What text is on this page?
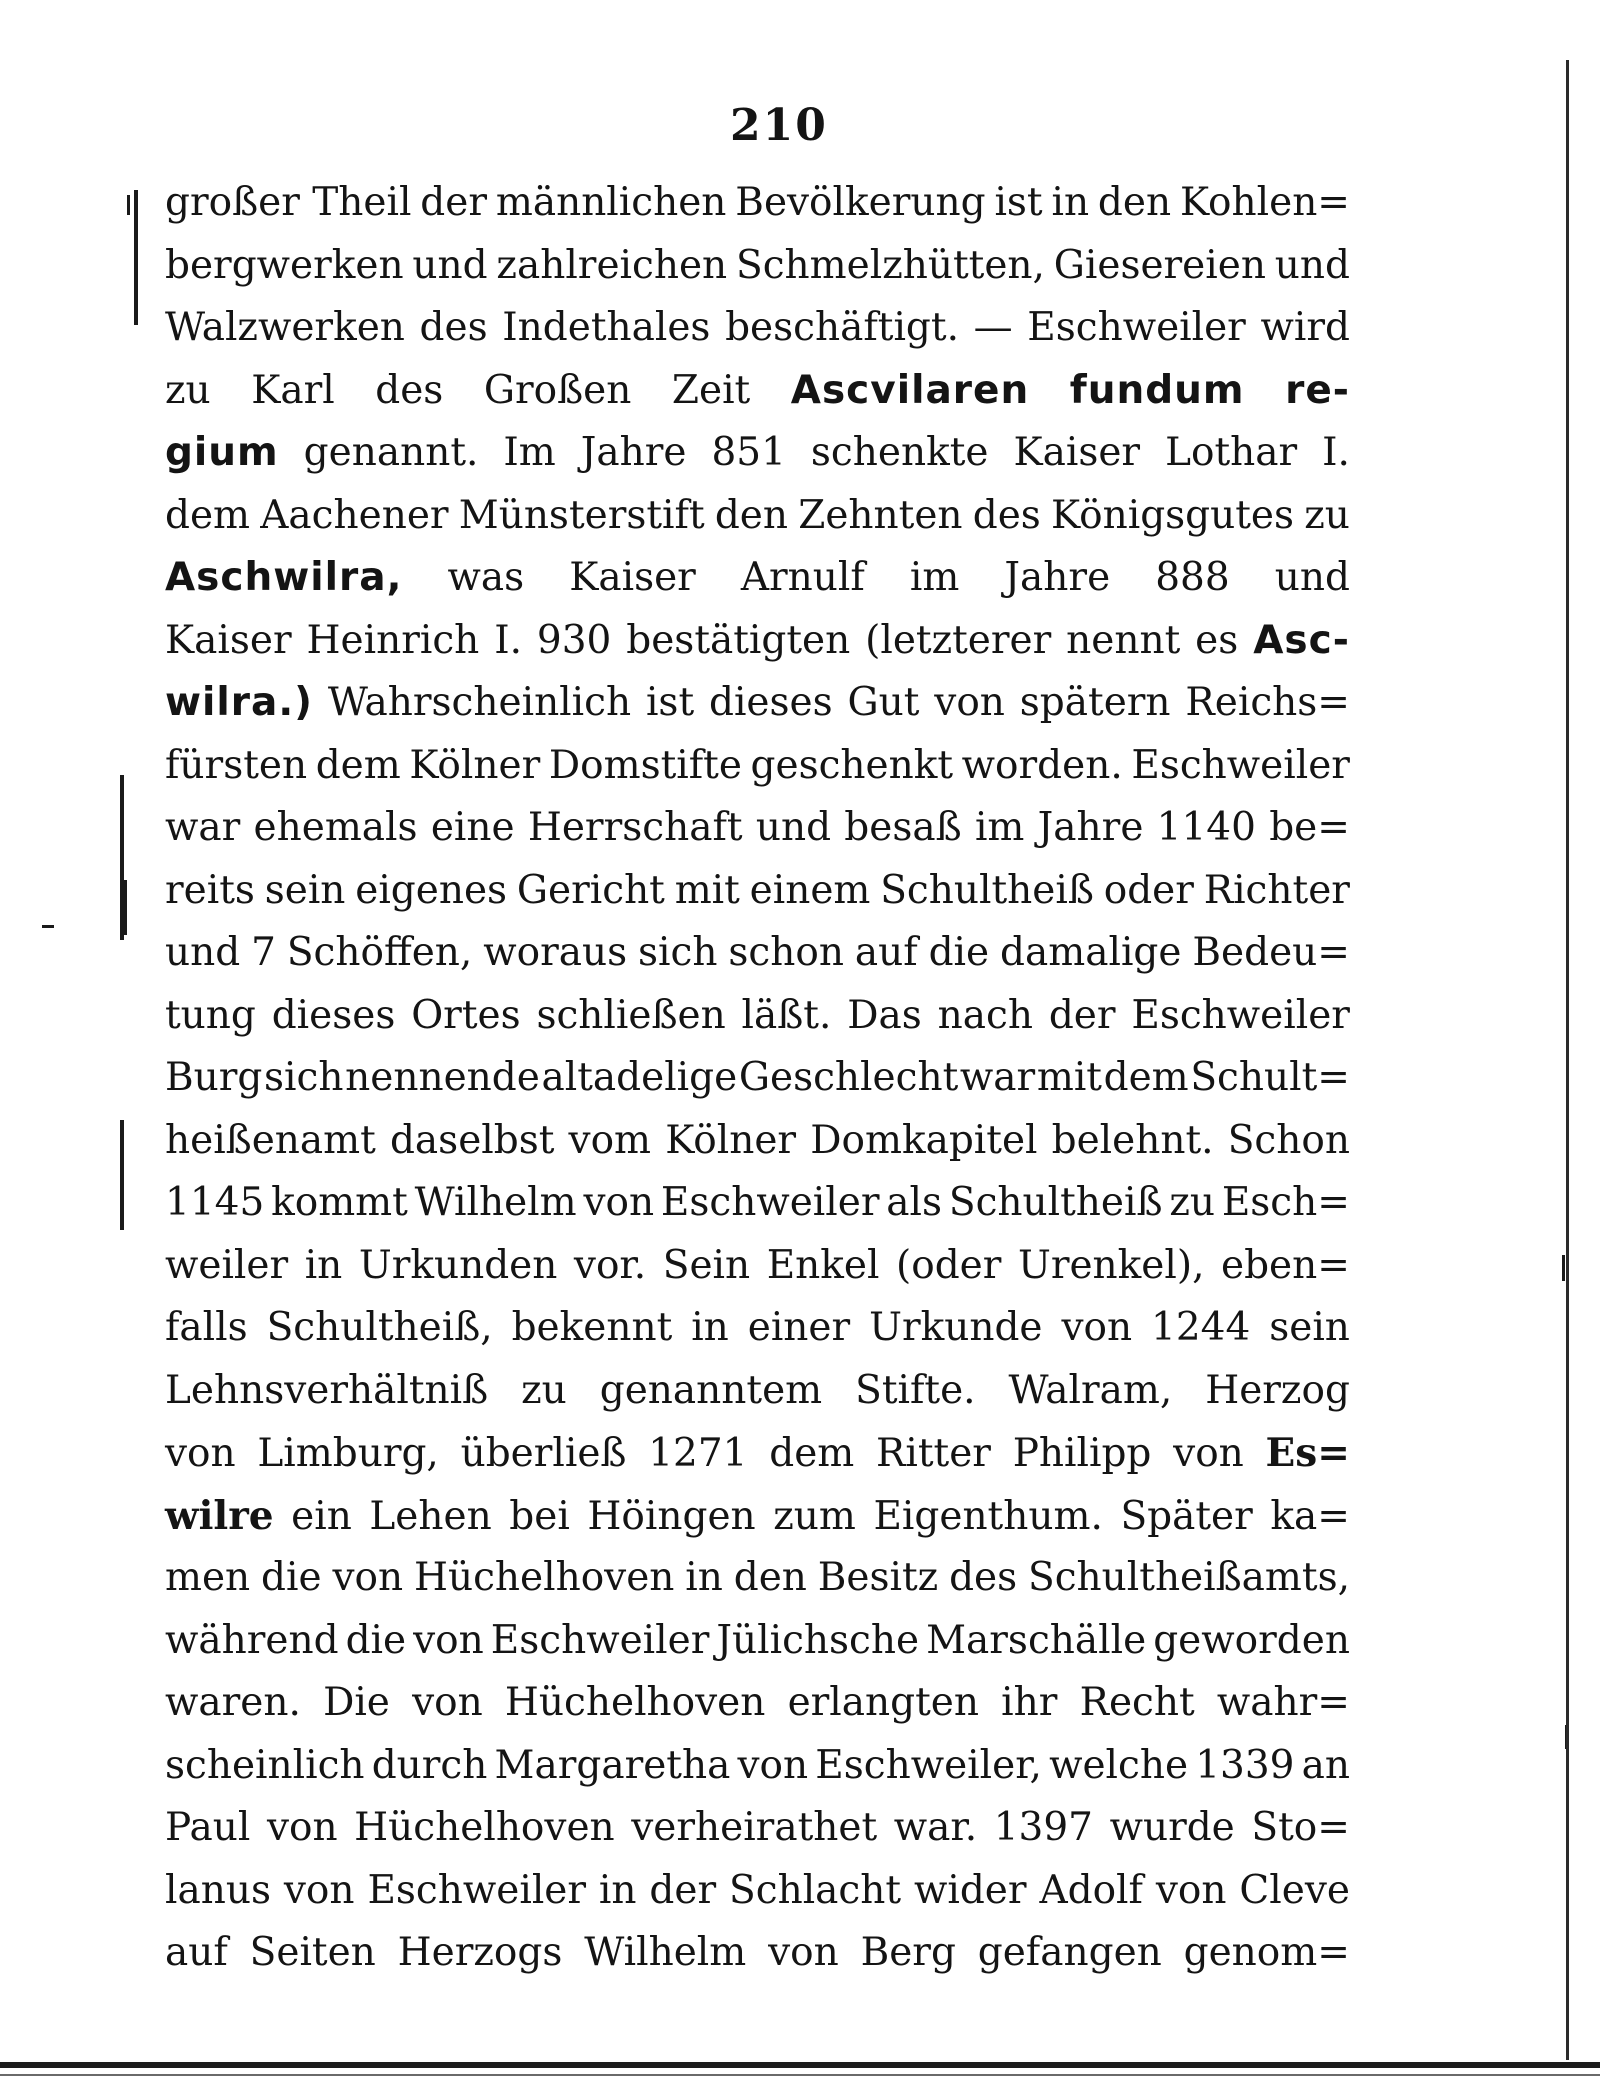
210
großer Theil der männlichen Bevölkerung ist in den Kohlen=
bergwerken und zahlreichen Schmelzhütten, Giesereien und
Walzwerken des Indethales beschäftigt. — Eschweiler wird
zu Karl des Großen Zeit Ascvilaren fundum re-
gium genannt. Im Jahre 851 schenkte Kaiser Lothar I.
dem Aachener Münsterstift den Zehnten des Königsgutes zu
Aschwilra, was Kaiser Arnulf im Jahre 888 und
Kaiser Heinrich I. 930 bestätigten (letzterer nennt es Asc-
wilra.) Wahrscheinlich ist dieses Gut von spätern Reichs=
fürsten dem Kölner Domstifte geschenkt worden. Eschweiler
war ehemals eine Herrschaft und besaß im Jahre 1140 be=
reits sein eigenes Gericht mit einem Schultheiß oder Richter
und 7 Schöffen, woraus sich schon auf die damalige Bedeu=
tung dieses Ortes schließen läßt. Das nach der Eschweiler
Burg sich nennende altadelige Geschlecht war mit dem Schult=
heißenamt daselbst vom Kölner Domkapitel belehnt. Schon
1145 kommt Wilhelm von Eschweiler als Schultheiß zu Esch=
weiler in Urkunden vor. Sein Enkel (oder Urenkel), eben=
falls Schultheiß, bekennt in einer Urkunde von 1244 sein
Lehnsverhältniß zu genanntem Stifte. Walram, Herzog
von Limburg, überließ 1271 dem Ritter Philipp von Es=
wilre ein Lehen bei Höingen zum Eigenthum. Später ka=
men die von Hüchelhoven in den Besitz des Schultheißamts,
während die von Eschweiler Jülichsche Marschälle geworden
waren. Die von Hüchelhoven erlangten ihr Recht wahr=
scheinlich durch Margaretha von Eschweiler, welche 1339 an
Paul von Hüchelhoven verheirathet war. 1397 wurde Sto=
lanus von Eschweiler in der Schlacht wider Adolf von Cleve
auf Seiten Herzogs Wilhelm von Berg gefangen genom=
